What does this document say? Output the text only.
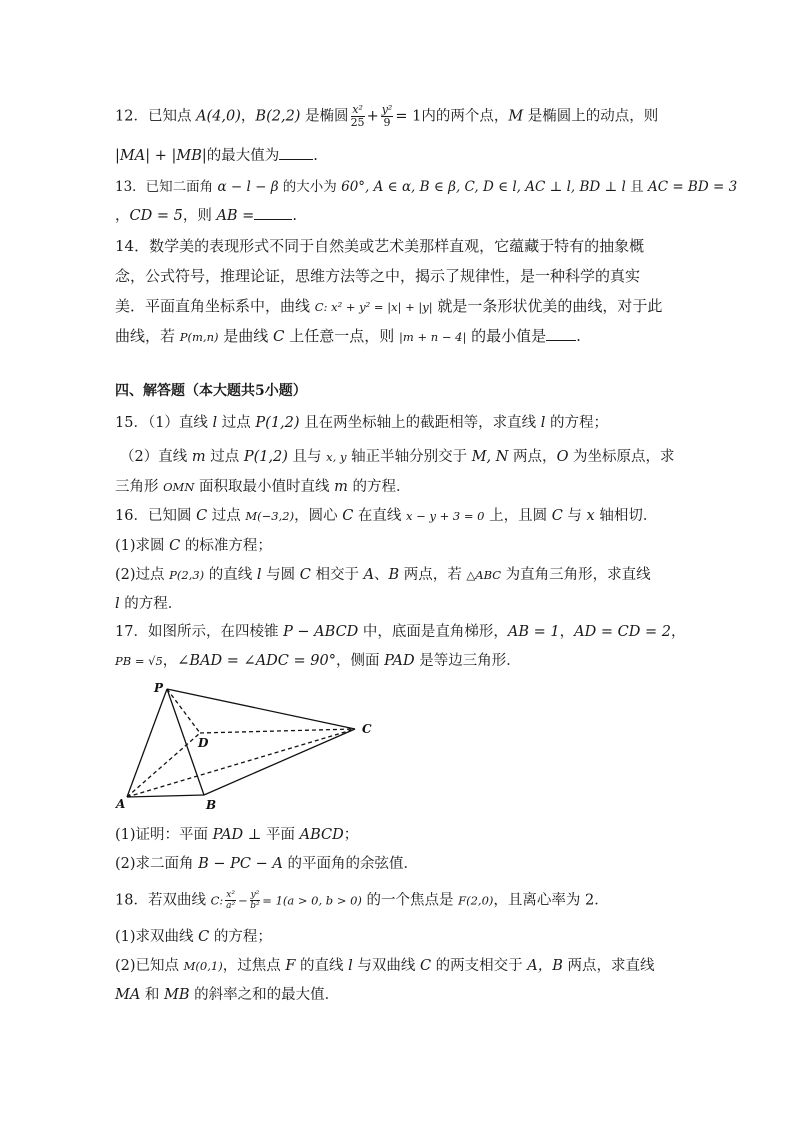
12．已知点 A(4,0)，B(2,2) 是椭圆 $\frac{\text{x²}}{25} + \frac{\text{y²}}{9} = 1$内的两个点，M 是椭圆上的动点，则
|MA| + |MB|的最大值为 .
13．已知二面角 α − l − β 的大小为 60°, A ∈ α, B ∈ β, C, D ∈ l, AC ⊥ l, BD ⊥ l 且 AC = BD = 3
，CD = 5，则 AB =	.
14．数学美的表现形式不同于自然美或艺术美那样直观，它蕴藏于特有的抽象概
念，公式符号，推理论证，思维方法等之中，揭示了规律性，是一种科学的真实
美．平面直角坐标系中，曲线 C: x² + y² = |x| + |y| 就是一条形状优美的曲线，对于此
曲线，若 P(m,n) 是曲线 C 上任意一点，则 |m + n − 4| 的最小值是 .
四、解答题（本大题共5小题）
15．（1）直线 l 过点 P(1,2) 且在两坐标轴上的截距相等，求直线 l 的方程；
（2）直线 m 过点 P(1,2) 且与 x, y 轴正半轴分别交于 M, N 两点，O 为坐标原点，求
三角形 OMN 面积取最小值时直线 m 的方程．
16．已知圆 C 过点 M(−3,2)，圆心 C 在直线 x − y + 3 = 0 上，且圆 C 与 x 轴相切．
(1)求圆 C 的标准方程；
(2)过点 P(2,3) 的直线 l 与圆 C 相交于 A、B 两点，若 △ABC 为直角三角形，求直线
l 的方程．
17．如图所示，在四棱锥 P − ABCD 中，底面是直角梯形，AB = 1，AD = CD = 2，
PB = √5，∠BAD = ∠ADC = 90°，侧面 PAD 是等边三角形．
P
D
C
A	B
(1)证明：平面 PAD ⊥ 平面 ABCD；
(2)求二面角 B − PC − A 的平面角的余弦值．
18．若双曲线 C: $\frac{\text{x²}}{\text{a²}} - \frac{\text{y²}}{\text{b²}} = 1(a > 0$, b > 0) 的一个焦点是 F(2,0)，且离心率为 2．
(1)求双曲线 C 的方程；
(2)已知点 M(0,1)，过焦点 F 的直线 l 与双曲线 C 的两支相交于 A，B 两点，求直线
MA 和 MB 的斜率之和的最大值．
